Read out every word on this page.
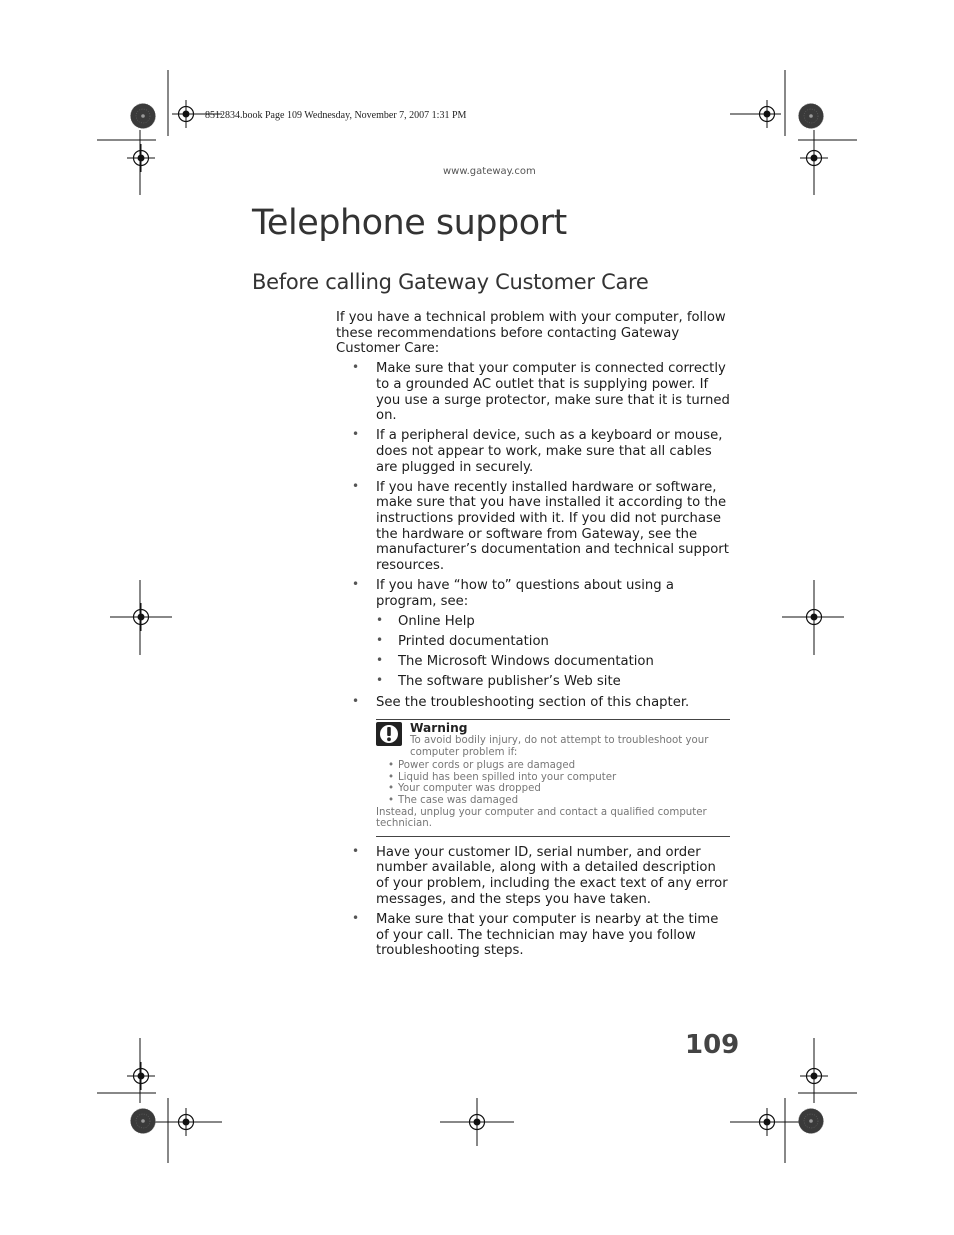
8512834.book Page 109 Wednesday, November 7, 2007 1:31 PM
www.gateway.com
Telephone support
Before calling Gateway Customer Care

If you have a technical problem with your computer, follow these recommendations before contacting Gateway Customer Care:

• Make sure that your computer is connected correctly to a grounded AC outlet that is supplying power. If you use a surge protector, make sure that it is turned on.
• If a peripheral device, such as a keyboard or mouse, does not appear to work, make sure that all cables are plugged in securely.
• If you have recently installed hardware or software, make sure that you have installed it according to the instructions provided with it. If you did not purchase the hardware or software from Gateway, see the manufacturer’s documentation and technical support resources.
• If you have “how to” questions about using a program, see:
• Online Help
• Printed documentation
• The Microsoft Windows documentation
• The software publisher’s Web site
• See the troubleshooting section of this chapter.
Warning
To avoid bodily injury, do not attempt to troubleshoot your computer problem if:
• Power cords or plugs are damaged
• Liquid has been spilled into your computer
• Your computer was dropped
• The case was damaged
Instead, unplug your computer and contact a qualified computer technician.
• Have your customer ID, serial number, and order number available, along with a detailed description of your problem, including the exact text of any error messages, and the steps you have taken.
• Make sure that your computer is nearby at the time of your call. The technician may have you follow troubleshooting steps.
109
